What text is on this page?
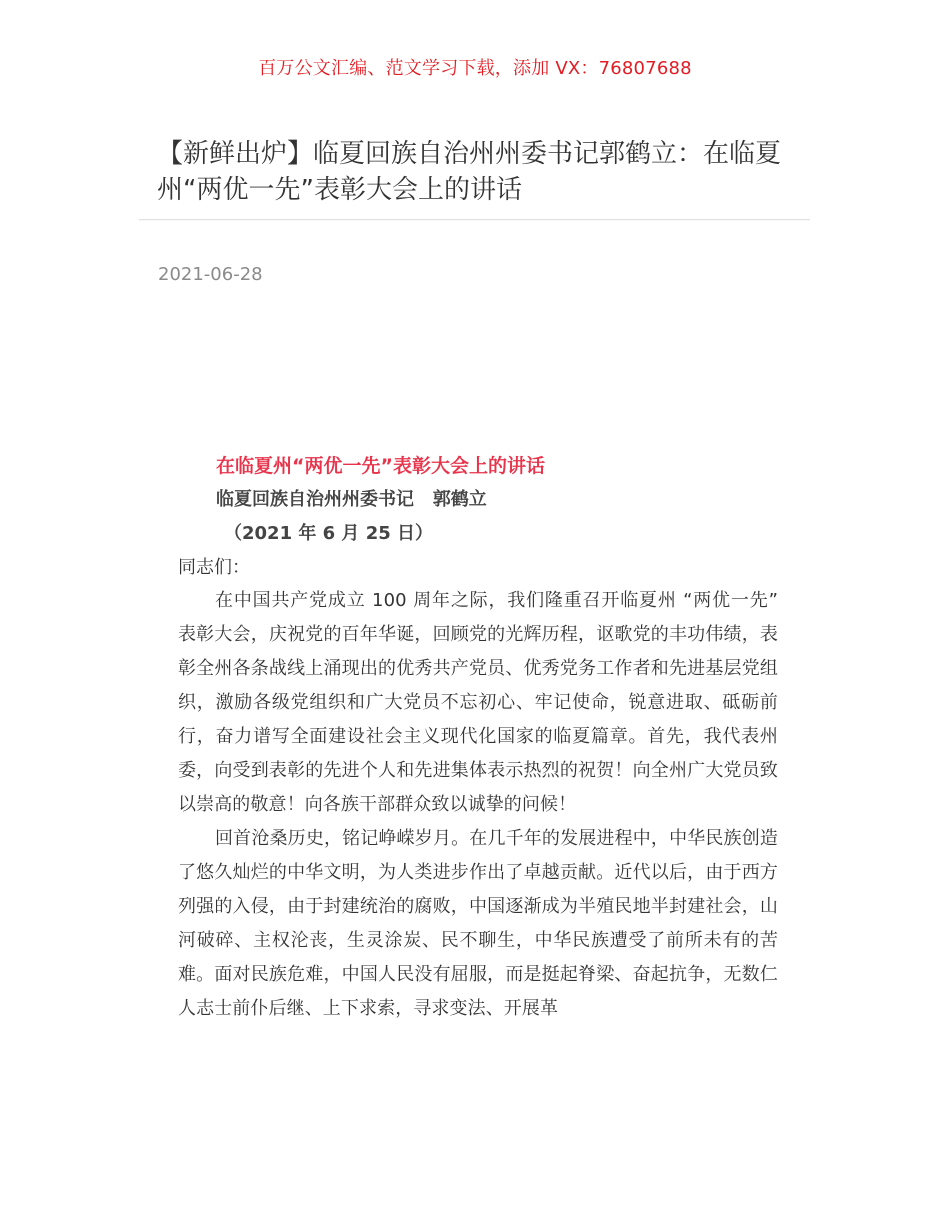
百万公文汇编、范文学习下载，添加 VX：76807688
【新鲜出炉】临夏回族自治州州委书记郭鹤立：在临夏州“两优一先”表彰大会上的讲话
2021-06-28
在临夏州“两优一先”表彰大会上的讲话
临夏回族自治州州委书记   郭鹤立
（2021 年 6 月 25 日）
同志们：

在中国共产党成立 100 周年之际，我们隆重召开临夏州 “两优一先” 表彰大会，庆祝党的百年华诞，回顾党的光辉历程，讴歌党的丰功伟绩，表彰全州各条战线上涌现出的优秀共产党员、优秀党务工作者和先进基层党组织，激励各级党组织和广大党员不忘初心、牢记使命，锐意进取、砥砺前行，奋力谱写全面建设社会主义现代化国家的临夏篇章。首先，我代表州委，向受到表彰的先进个人和先进集体表示热烈的祝贺！向全州广大党员致以崇高的敬意！向各族干部群众致以诚挚的问候！

回首沧桑历史，铭记峥嵘岁月。在几千年的发展进程中，中华民族创造了悠久灿烂的中华文明，为人类进步作出了卓越贡献。近代以后，由于西方列强的入侵，由于封建统治的腐败，中国逐渐成为半殖民地半封建社会，山河破碎、主权沦丧，生灵涂炭、民不聊生，中华民族遭受了前所未有的苦难。面对民族危难，中国人民没有屈服，而是挺起脊梁、奋起抗争，无数仁人志士前仆后继、上下求索，寻求变法、开展革
